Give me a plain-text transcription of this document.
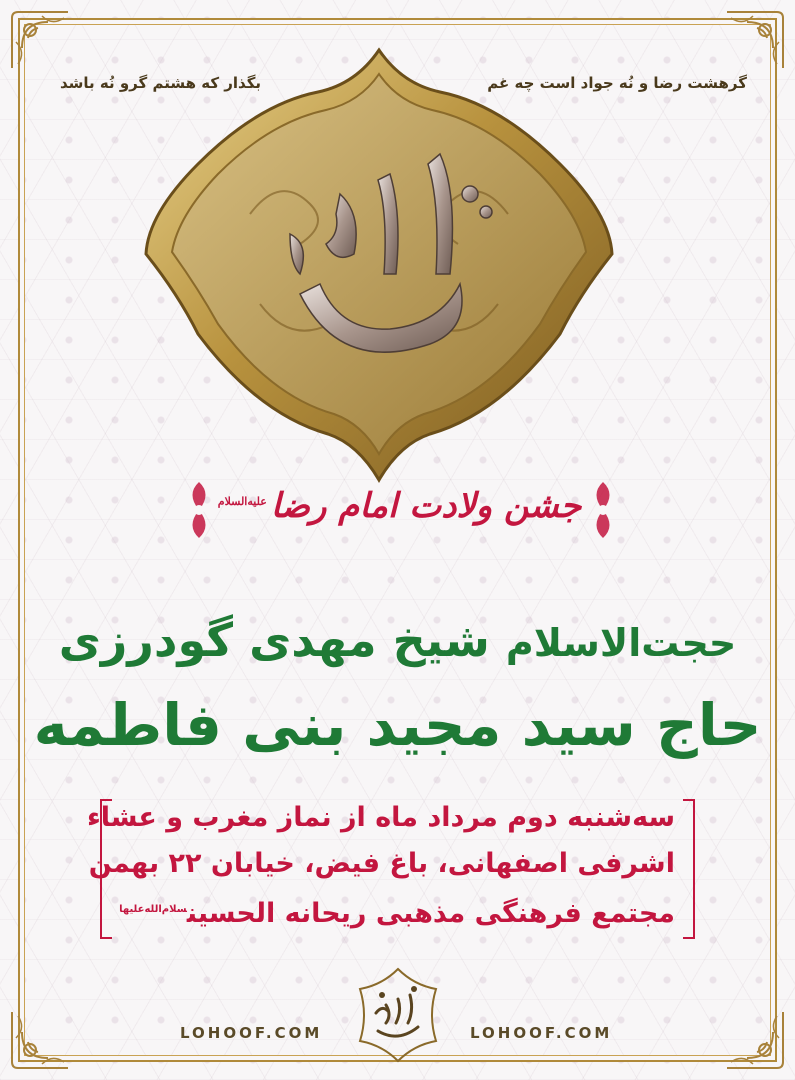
گرهشت رضا و نُه جواد است چه غم
بگذار که هشتم گرو نُه باشد
جشن ولادت امام رضا$^{علیه‌السلام}$
حجت‌الاسلام شیخ مهدی گودرزی
حاج سید مجید بنی فاطمه
سه‌شنبه دوم مرداد ماه از نماز مغرب و عشاء
اشرفی اصفهانی، باغ فیض، خیابان ۲۲ بهمن
مجتمع فرهنگی مذهبی ریحانه الحسین$^{سلام‌الله‌علیها}$
LOHOOF.COM	LOHOOF.COM
